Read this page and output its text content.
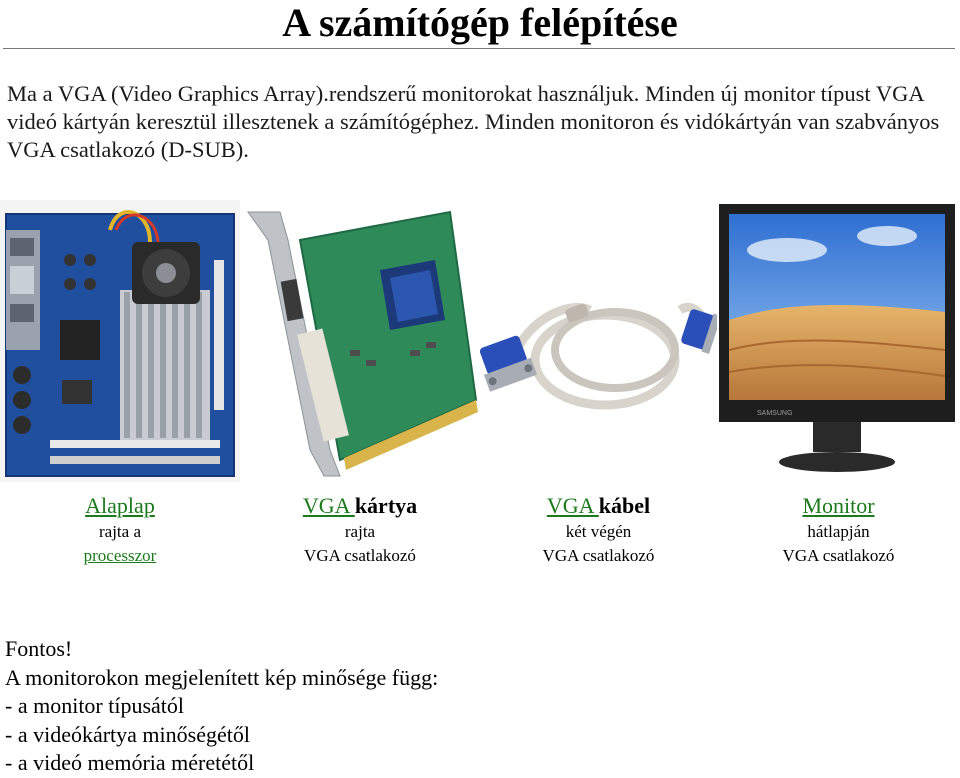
A számítógép felépítése
Ma a VGA (Video Graphics Array).rendszerű monitorokat használjuk. Minden új monitor típust VGA videó kártyán keresztül illesztenek a számítógéphez. Minden monitoron és vidókártyán van szabványos VGA csatlakozó (D-SUB).
SAMSUNG
Alaplap
rajta a
processzor
VGA kártya
rajta
VGA csatlakozó
VGA kábel
két végén
VGA csatlakozó
Monitor
hátlapján
VGA csatlakozó
Fontos!
A monitorokon megjelenített kép minősége függ:
- a monitor típusától
- a videókártya minőségétől
- a videó memória méretétől
